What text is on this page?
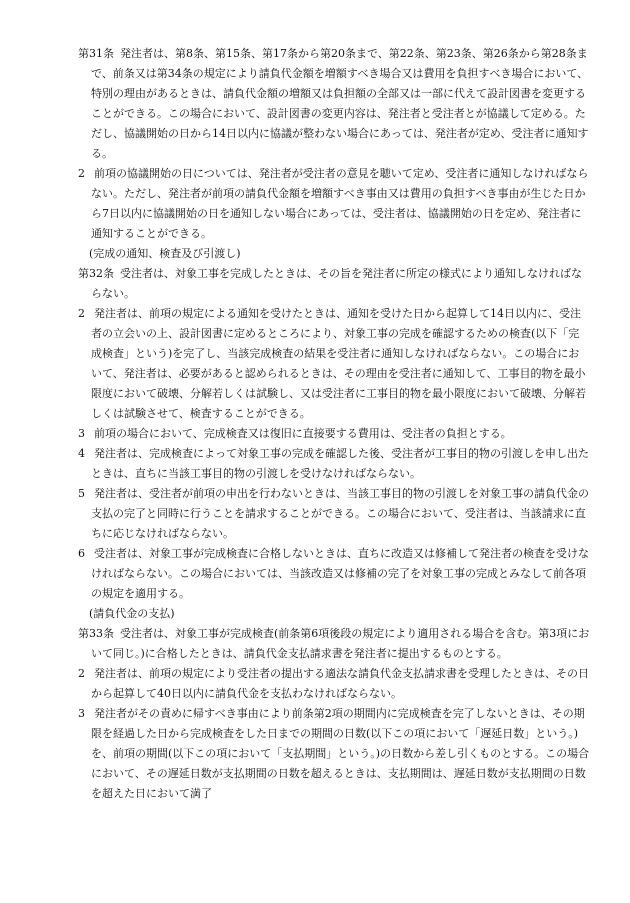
第31条 発注者は、第8条、第15条、第17条から第20条まで、第22条、第23条、第26条から第28条まで、前条又は第34条の規定により請負代金額を増額すべき場合又は費用を負担すべき場合において、特別の理由があるときは、請負代金額の増額又は負担額の全部又は一部に代えて設計図書を変更することができる。この場合において、設計図書の変更内容は、発注者と受注者とが協議して定める。ただし、協議開始の日から14日以内に協議が整わない場合にあっては、発注者が定め、受注者に通知する。

2 前項の協議開始の日については、発注者が受注者の意見を聴いて定め、受注者に通知しなければならない。ただし、発注者が前項の請負代金額を増額すべき事由又は費用の負担すべき事由が生じた日から7日以内に協議開始の日を通知しない場合にあっては、受注者は、協議開始の日を定め、発注者に通知することができる。

(完成の通知、検査及び引渡し)

第32条 受注者は、対象工事を完成したときは、その旨を発注者に所定の様式により通知しなければならない。

2 発注者は、前項の規定による通知を受けたときは、通知を受けた日から起算して14日以内に、受注者の立会いの上、設計図書に定めるところにより、対象工事の完成を確認するための検査(以下「完成検査」という)を完了し、当該完成検査の結果を受注者に通知しなければならない。この場合において、発注者は、必要があると認められるときは、その理由を受注者に通知して、工事目的物を最小限度において破壊、分解若しくは試験し、又は受注者に工事目的物を最小限度において破壊、分解若しくは試験させて、検査することができる。

3 前項の場合において、完成検査又は復旧に直接要する費用は、受注者の負担とする。

4 発注者は、完成検査によって対象工事の完成を確認した後、受注者が工事目的物の引渡しを申し出たときは、直ちに当該工事目的物の引渡しを受けなければならない。

5 発注者は、受注者が前項の申出を行わないときは、当該工事目的物の引渡しを対象工事の請負代金の支払の完了と同時に行うことを請求することができる。この場合において、受注者は、当該請求に直ちに応じなければならない。

6 受注者は、対象工事が完成検査に合格しないときは、直ちに改造又は修補して発注者の検査を受けなければならない。この場合においては、当該改造又は修補の完了を対象工事の完成とみなして前各項の規定を適用する。

(請負代金の支払)

第33条 受注者は、対象工事が完成検査(前条第6項後段の規定により適用される場合を含む。第3項において同じ。)に合格したときは、請負代金支払請求書を発注者に提出するものとする。

2 発注者は、前項の規定により受注者の提出する適法な請負代金支払請求書を受理したときは、その日から起算して40日以内に請負代金を支払わなければならない。

3 発注者がその責めに帰すべき事由により前条第2項の期間内に完成検査を完了しないときは、その期限を経過した日から完成検査をした日までの期間の日数(以下この項において「遅延日数」という。)を、前項の期間(以下この項において「支払期間」という。)の日数から差し引くものとする。この場合において、その遅延日数が支払期間の日数を超えるときは、支払期間は、遅延日数が支払期間の日数を超えた日において満了
